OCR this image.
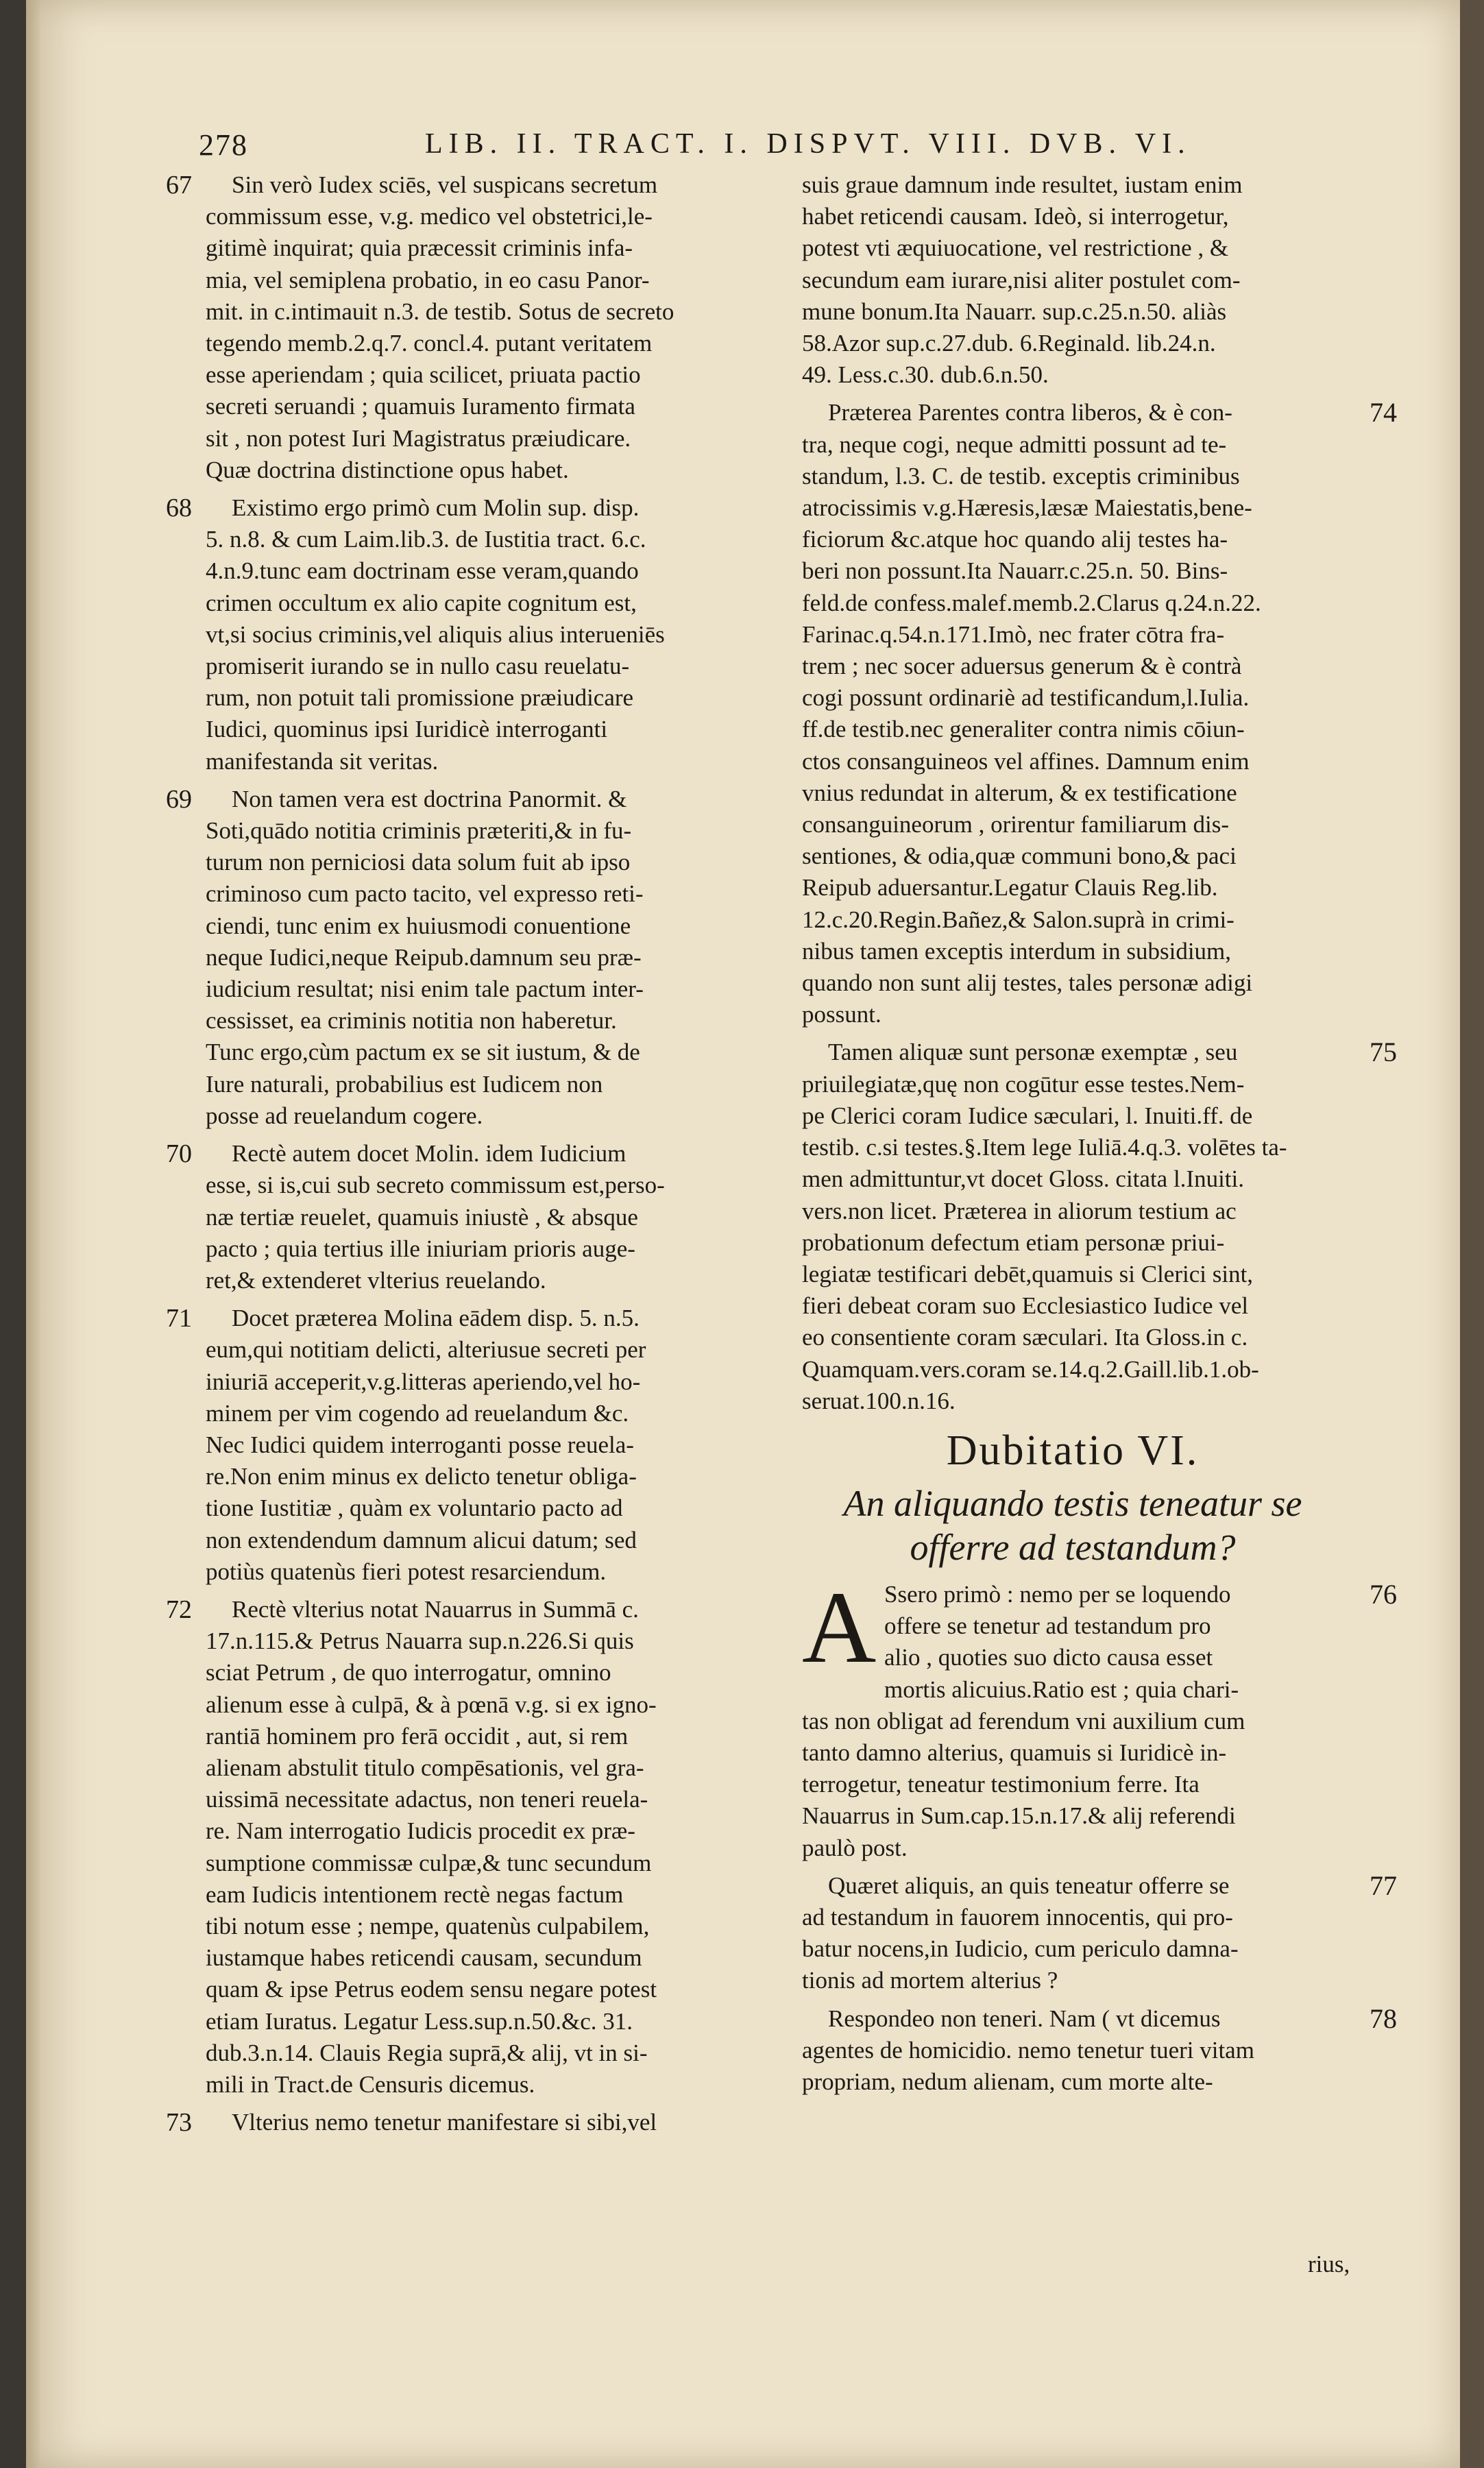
278	LIB. II. TRACT. I. DISPVT. VIII. DVB. VI.
67	Sin verò Iudex sciēs, vel suspicans secretum
commissum esse, v.g. medico vel obstetrici,le-
gitimè inquirat; quia præcessit criminis infa-
mia, vel semiplena probatio, in eo casu Panor-
mit. in c.intimauit n.3. de testib. Sotus de secreto
tegendo memb.2.q.7. concl.4. putant veritatem
esse aperiendam ; quia scilicet, priuata pactio
secreti seruandi ; quamuis Iuramento firmata
sit , non potest Iuri Magistratus præiudicare.
Quæ doctrina distinctione opus habet.
68	Existimo ergo primò cum Molin sup. disp.
5. n.8. & cum Laim.lib.3. de Iustitia tract. 6.c.
4.n.9.tunc eam doctrinam esse veram,quando
crimen occultum ex alio capite cognitum est,
vt,si socius criminis,vel aliquis alius interueniēs
promiserit iurando se in nullo casu reuelatu-
rum, non potuit tali promissione præiudicare
Iudici, quominus ipsi Iuridicè interroganti
manifestanda sit veritas.
69	Non tamen vera est doctrina Panormit. &
Soti,quādo notitia criminis præteriti,& in fu-
turum non perniciosi data solum fuit ab ipso
criminoso cum pacto tacito, vel expresso reti-
ciendi, tunc enim ex huiusmodi conuentione
neque Iudici,neque Reipub.damnum seu præ-
iudicium resultat; nisi enim tale pactum inter-
cessisset, ea criminis notitia non haberetur.
Tunc ergo,cùm pactum ex se sit iustum, & de
Iure naturali, probabilius est Iudicem non
posse ad reuelandum cogere.
70	Rectè autem docet Molin. idem Iudicium
esse, si is,cui sub secreto commissum est,perso-
næ tertiæ reuelet, quamuis iniustè , & absque
pacto ; quia tertius ille iniuriam prioris auge-
ret,& extenderet vlterius reuelando.
71	Docet præterea Molina eādem disp. 5. n.5.
eum,qui notitiam delicti, alteriusue secreti per
iniuriā acceperit,v.g.litteras aperiendo,vel ho-
minem per vim cogendo ad reuelandum &c.
Nec Iudici quidem interroganti posse reuela-
re.Non enim minus ex delicto tenetur obliga-
tione Iustitiæ , quàm ex voluntario pacto ad
non extendendum damnum alicui datum; sed
potiùs quatenùs fieri potest resarciendum.
72	Rectè vlterius notat Nauarrus in Summā c.
17.n.115.& Petrus Nauarra sup.n.226.Si quis
sciat Petrum , de quo interrogatur, omnino
alienum esse à culpā, & à pœnā v.g. si ex igno-
rantiā hominem pro ferā occidit , aut, si rem
alienam abstulit titulo compēsationis, vel gra-
uissimā necessitate adactus, non teneri reuela-
re. Nam interrogatio Iudicis procedit ex præ-
sumptione commissæ culpæ,& tunc secundum
eam Iudicis intentionem rectè negas factum
tibi notum esse ; nempe, quatenùs culpabilem,
iustamque habes reticendi causam, secundum
quam & ipse Petrus eodem sensu negare potest
etiam Iuratus. Legatur Less.sup.n.50.&c. 31.
dub.3.n.14. Clauis Regia suprā,& alij, vt in si-
mili in Tract.de Censuris dicemus.
73	Vlterius nemo tenetur manifestare si sibi,vel
suis graue damnum inde resultet, iustam enim
habet reticendi causam. Ideò, si interrogetur,
potest vti æquiuocatione, vel restrictione , &
secundum eam iurare,nisi aliter postulet com-
mune bonum.Ita Nauarr. sup.c.25.n.50. aliàs
58.Azor sup.c.27.dub. 6.Reginald. lib.24.n.
49. Less.c.30. dub.6.n.50.
74
Præterea Parentes contra liberos, & è con-
tra, neque cogi, neque admitti possunt ad te-
standum, l.3. C. de testib. exceptis criminibus
atrocissimis v.g.Hæresis,læsæ Maiestatis,bene-
ficiorum &c.atque hoc quando alij testes ha-
beri non possunt.Ita Nauarr.c.25.n. 50. Bins-
feld.de confess.malef.memb.2.Clarus q.24.n.22.
Farinac.q.54.n.171.Imò, nec frater cōtra fra-
trem ; nec socer aduersus generum & è contrà
cogi possunt ordinariè ad testificandum,l.Iulia.
ff.de testib.nec generaliter contra nimis cōiun-
ctos consanguineos vel affines. Damnum enim
vnius redundat in alterum, & ex testificatione
consanguineorum , orirentur familiarum dis-
sentiones, & odia,quæ communi bono,& paci
Reipub aduersantur.Legatur Clauis Reg.lib.
12.c.20.Regin.Bañez,& Salon.suprà in crimi-
nibus tamen exceptis interdum in subsidium,
quando non sunt alij testes, tales personæ adigi
possunt.
75
Tamen aliquæ sunt personæ exemptæ , seu
priuilegiatæ,quę non cogūtur esse testes.Nem-
pe Clerici coram Iudice sæculari, l. Inuiti.ff. de
testib. c.si testes.§.Item lege Iuliā.4.q.3. volētes ta-
men admittuntur,vt docet Gloss. citata l.Inuiti.
vers.non licet. Præterea in aliorum testium ac
probationum defectum etiam personæ priui-
legiatæ testificari debēt,quamuis si Clerici sint,
fieri debeat coram suo Ecclesiastico Iudice vel
eo consentiente coram sæculari. Ita Gloss.in c.
Quamquam.vers.coram se.14.q.2.Gaill.lib.1.ob-
seruat.100.n.16.
Dubitatio VI.
An aliquando testis teneatur se
offerre ad testandum?
76
A Ssero primò : nemo per se loquendo
offere se tenetur ad testandum pro
alio , quoties suo dicto causa esset
mortis alicuius.Ratio est ; quia chari-
tas non obligat ad ferendum vni auxilium cum
tanto damno alterius, quamuis si Iuridicè in-
terrogetur, teneatur testimonium ferre. Ita
Nauarrus in Sum.cap.15.n.17.& alij referendi
paulò post.
77
Quæret aliquis, an quis teneatur offerre se
ad testandum in fauorem innocentis, qui pro-
batur nocens,in Iudicio, cum periculo damna-
tionis ad mortem alterius ?
78
Respondeo non teneri. Nam ( vt dicemus
agentes de homicidio. nemo tenetur tueri vitam
propriam, nedum alienam, cum morte alte-
rius,
